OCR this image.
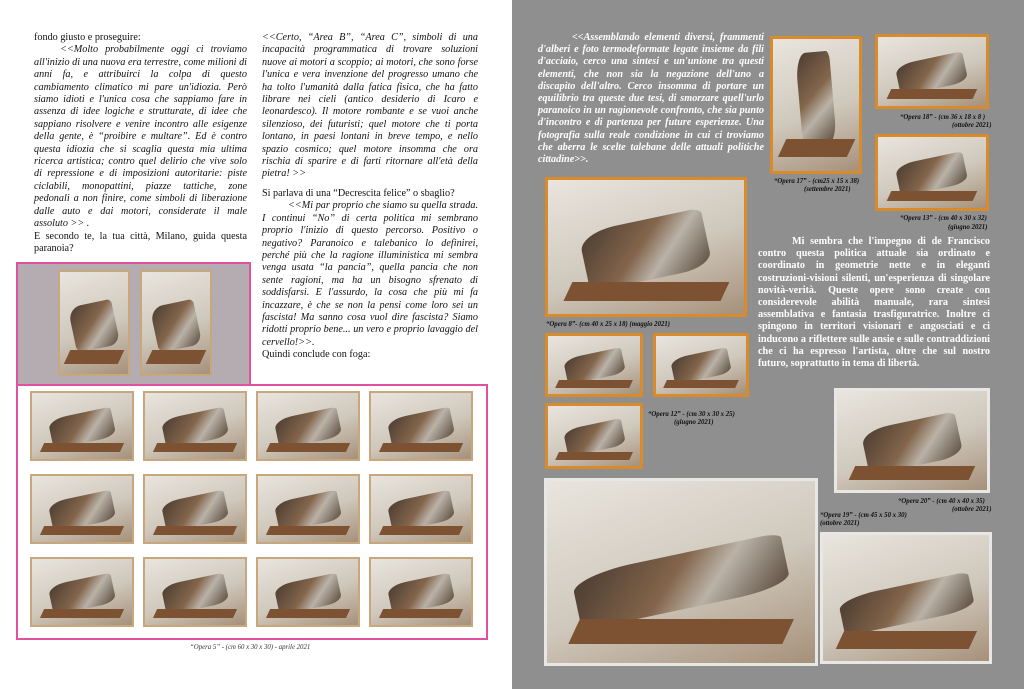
fondo giusto e proseguire:

<<Molto probabilmente oggi ci troviamo all'inizio di una nuova era terrestre, come milioni di anni fa, e attribuirci la colpa di questo cambiamento climatico mi pare un'idiozia. Però siamo idioti e l'unica cosa che sappiamo fare in assenza di idee logiche e strutturate, di idee che sappiano risolvere e venire incontro alle esigenze della gente, è “proibire e multare”. Ed è contro questa idiozia che si scaglia questa mia ultima ricerca artistica; contro quel delirio che vive solo di repressione e di imposizioni autoritarie: piste ciclabili, monopattini, piazze tattiche, zone pedonali a non finire, come simboli di liberazione dalle auto e dai motori, considerate il male assoluto >> .

E secondo te, la tua città, Milano, guida questa paranoia?

<<Certo, “Area B”, “Area C”, simboli di una incapacità programmatica di trovare soluzioni nuove ai motori a scoppio; ai motori, che sono forse l'unica e vera invenzione del progresso umano che ha tolto l'umanità dalla fatica fisica, che ha fatto librare nei cieli (antico desiderio di Icaro e leonardesco). Il motore rombante e se vuoi anche silenzioso, dei futuristi; quel motore che ti porta lontano, in paesi lontani in breve tempo, e nello spazio cosmico; quel motore insomma che ora rischia di sparire e di farti ritornare all'età della pietra! >>

Si parlava di una “Decrescita felice” o sbaglio?

<<Mi par proprio che siamo su quella strada. I continui “No” di certa politica mi sembrano proprio l'inizio di questo percorso. Positivo o negativo? Paranoico e talebanico lo definirei, perché più che la ragione illuministica mi sembra venga usata “la pancia”, quella pancia che non sente ragioni, ma ha un bisogno sfrenato di soddisfarsi. E l'assurdo, la cosa che più mi fa incazzare, è che se non la pensi come loro sei un fascista! Ma sanno cosa vuol dire fascista? Siamo ridotti proprio bene... un vero e proprio lavaggio del cervello!>>.

Quindi conclude con foga:

“Opera 5” - (cm 60 x 30 x 30) - aprile 2021

<<Assemblando elementi diversi, frammenti d'alberi e foto termodeformate legate insieme da fili d'acciaio, cerco una sintesi e un'unione tra questi elementi, che non sia la negazione dell'uno a discapito dell'altro. Cerco insomma di portare un equilibrio tra queste due tesi, di smorzare quell'urlo paranoico in un ragionevole confronto, che sia punto d'incontro e di partenza per future esperienze. Una fotografia sulla reale condizione in cui ci troviamo che aberra le scelte talebane delle attuali politiche cittadine>>.

“Opera 17” - (cm25 x 15 x 38)
(settembre 2021)
“Opera 18” - (cm 36 x 18 x 8 )
(ottobre 2021)
“Opera 13” - (cm 40 x 30 x 32)
(giugno 2021)
“Opera 8”- (cm 40 x 25 x 18) (maggio 2021)

Mi sembra che l'impegno di de Francisco contro questa politica attuale sia ordinato e coordinato in geometrie nette e in eleganti costruzioni-visioni silenti, un'esperienza di singolare novità-verità. Queste opere sono create con considerevole abilità manuale, rara sintesi assemblativa e fantasia trasfiguratrice. Inoltre ci spingono in territori visionari e angosciati e ci inducono a riflettere sulle ansie e sulle contraddizioni che ci ha espresso l'artista, oltre che sul nostro futuro, soprattutto in tema di libertà.

“Opera 12” - (cm 30 x 30 x 25)
(giugno 2021)
“Opera 20” - (cm 40 x 40 x 35)
(ottobre 2021)
“Opera 19” - (cm 45 x 50 x 30)
(ottobre 2021)
